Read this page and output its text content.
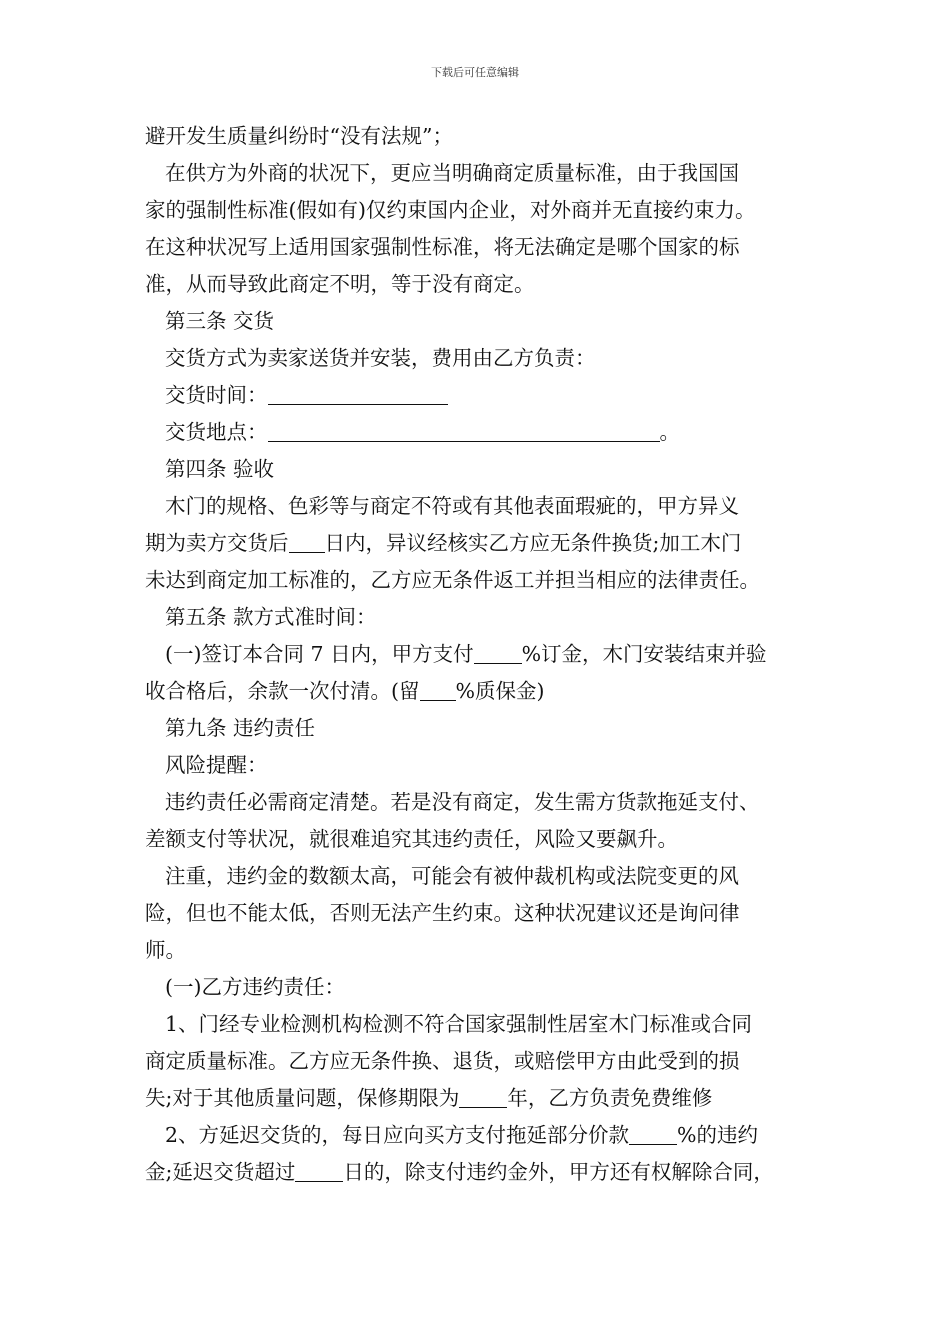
下载后可任意编辑
避开发生质量纠纷时“没有法规”；
在供方为外商的状况下，更应当明确商定质量标准，由于我国国
家的强制性标准(假如有)仅约束国内企业，对外商并无直接约束力。
在这种状况写上适用国家强制性标准，将无法确定是哪个国家的标
准，从而导致此商定不明，等于没有商定。
第三条 交货
交货方式为卖家送货并安装，费用由乙方负责：
交货时间：
交货地点：	。
第四条 验收
木门的规格、色彩等与商定不符或有其他表面瑕疵的，甲方异义
期为卖方交货后 日内，异议经核实乙方应无条件换货;加工木门
未达到商定加工标准的，乙方应无条件返工并担当相应的法律责任。
第五条 款方式准时间：
(一)签订本合同 7 日内，甲方支付 %订金，木门安装结束并验
收合格后，余款一次付清。(留 %质保金)
第九条 违约责任
风险提醒：
违约责任必需商定清楚。若是没有商定，发生需方货款拖延支付、
差额支付等状况，就很难追究其违约责任，风险又要飙升。
注重，违约金的数额太高，可能会有被仲裁机构或法院变更的风
险，但也不能太低，否则无法产生约束。这种状况建议还是询问律
师。
(一)乙方违约责任：
1、门经专业检测机构检测不符合国家强制性居室木门标准或合同
商定质量标准。乙方应无条件换、退货，或赔偿甲方由此受到的损
失;对于其他质量问题，保修期限为 年，乙方负责免费维修
2、方延迟交货的，每日应向买方支付拖延部分价款 %的违约
金;延迟交货超过 日的，除支付违约金外，甲方还有权解除合同，
